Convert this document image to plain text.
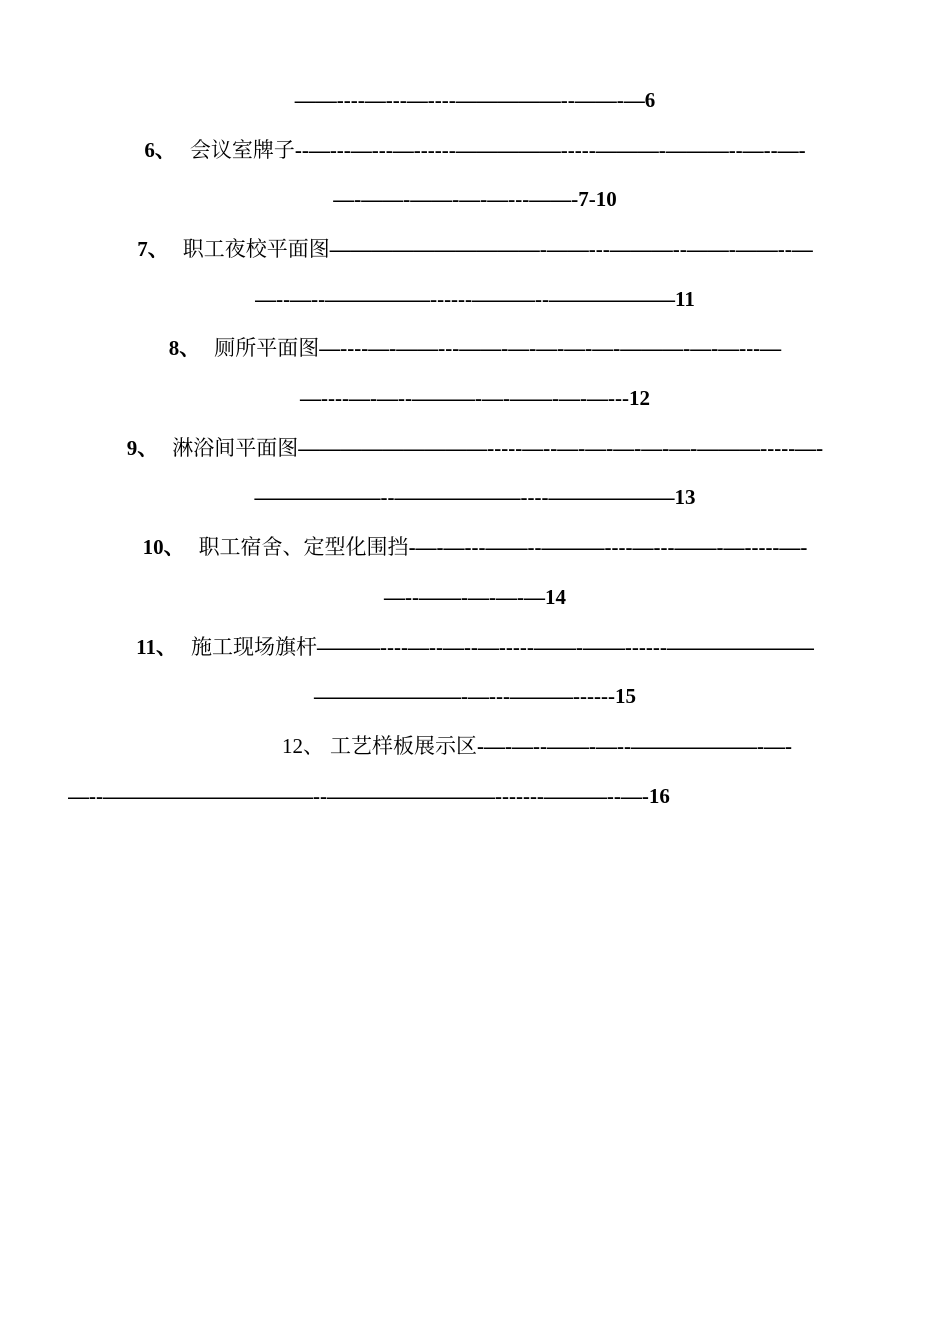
——----—---—----—————--——-—6
6、 会议室牌子--—---—---—------—————-----———-———--—--—-
—-——-——-—-—---——-7-10
7、 职工夜校平面图——————————-——---———--——-——--—
—--—--—————------———--——————11
8、 厕所平面图—----—-——---——-—-—-—-—-———-—-—---—
—----—-—--———-—-——-—-—---12
9、 淋浴间平面图—————————-----—--—-—-—-—-—-———-----—-
——————--——————----——————13
10、 职工宿舍、定型化围挡-—-—---——--———----—---——-—-----—-
—--——-—-—-—14
11、 施工现场旗杆———----—--—--—-----——-——------———————
———————-—---———------15
12、 工艺样板展示区-—-—--——-—--——————-—-
—--——————————--————————-------———--—-16
